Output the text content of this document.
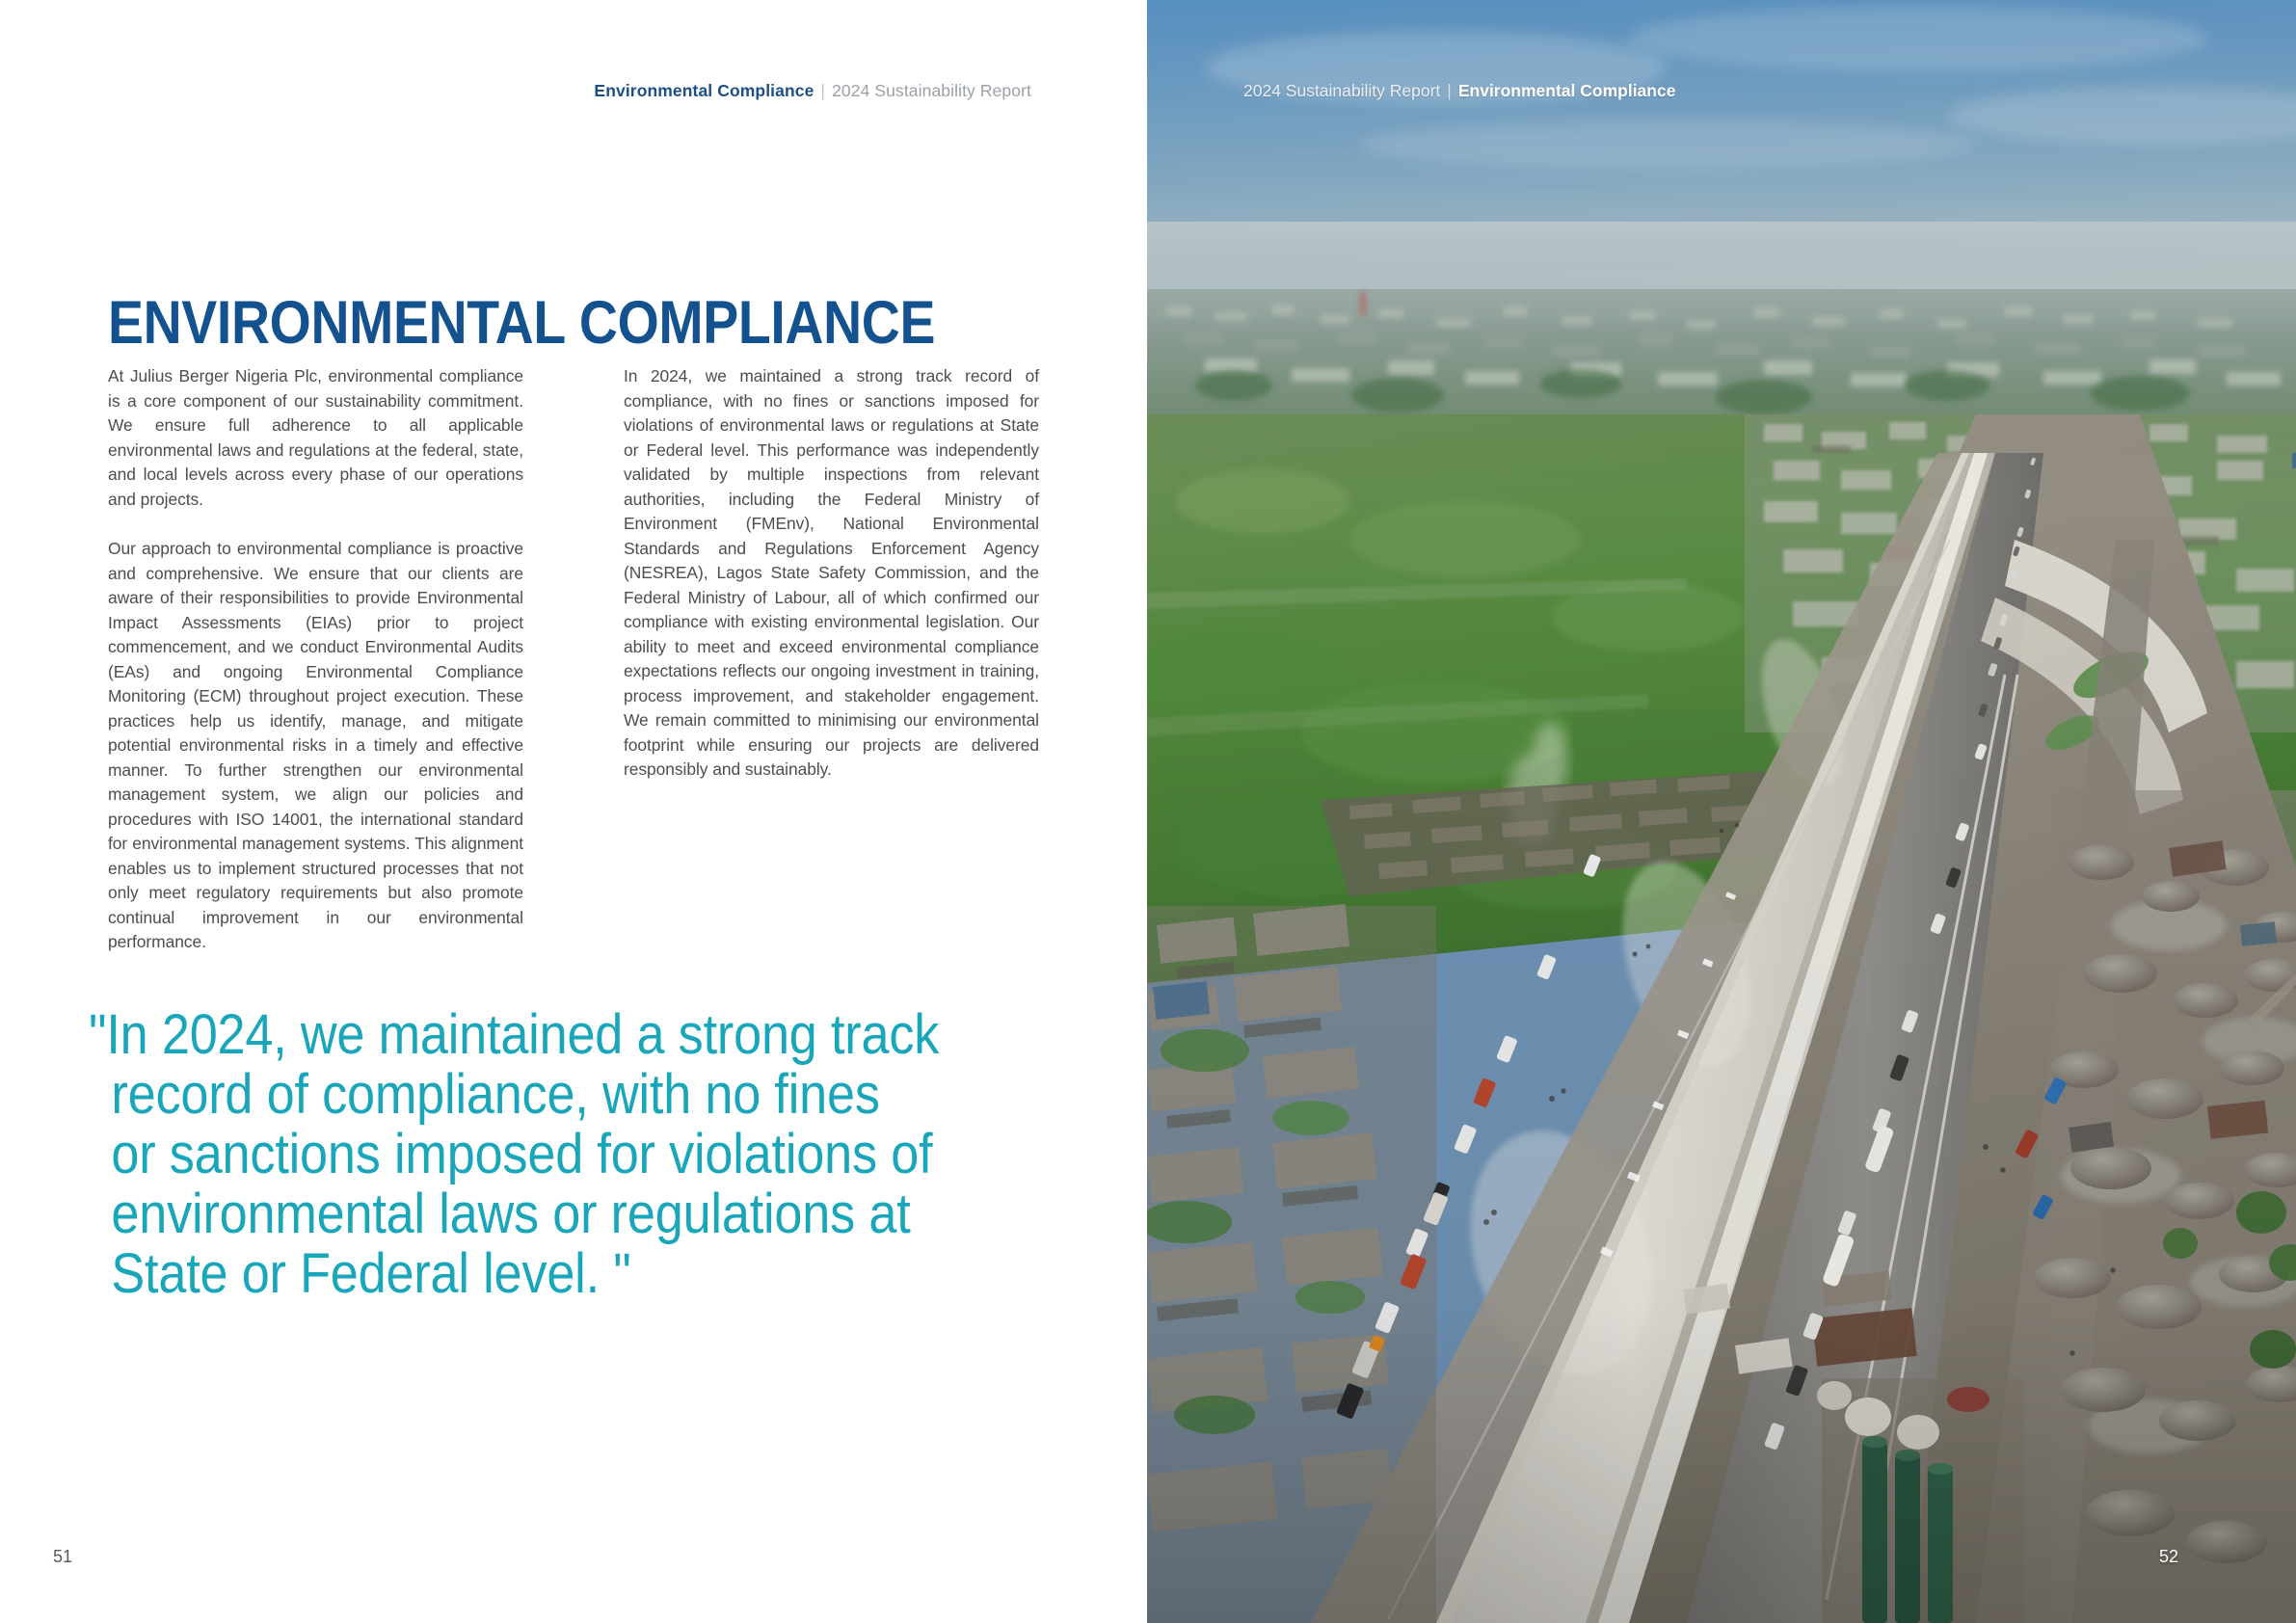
Environmental Compliance | 2024 Sustainability Report
ENVIRONMENTAL COMPLIANCE

At Julius Berger Nigeria Plc, environmental compliance is a core component of our sustainability commitment. We ensure full adherence to all applicable environmental laws and regulations at the federal, state, and local levels across every phase of our operations and projects.

Our approach to environmental compliance is proactive and comprehensive. We ensure that our clients are aware of their responsibilities to provide Environmental Impact Assessments (EIAs) prior to project commencement, and we conduct Environmental Audits (EAs) and ongoing Environmental Compliance Monitoring (ECM) throughout project execution. These practices help us identify, manage, and mitigate potential environmental risks in a timely and effective manner. To further strengthen our environmental management system, we align our policies and procedures with ISO 14001, the international standard for environmental management systems. This alignment enables us to implement structured processes that not only meet regulatory requirements but also promote continual improvement in our environmental performance.

In 2024, we maintained a strong track record of compliance, with no fines or sanctions imposed for violations of environmental laws or regulations at State or Federal level. This performance was independently validated by multiple inspections from relevant authorities, including the Federal Ministry of Environment (FMEnv), National Environmental Standards and Regulations Enforcement Agency (NESREA), Lagos State Safety Commission, and the Federal Ministry of Labour, all of which confirmed our compliance with existing environmental legislation. Our ability to meet and exceed environmental compliance expectations reflects our ongoing investment in training, process improvement, and stakeholder engagement. We remain committed to minimising our environmental footprint while ensuring our projects are delivered responsibly and sustainably.

"In 2024, we maintained a strong track
record of compliance, with no fines
or sanctions imposed for violations of
environmental laws or regulations at
State or Federal level. "
51
2024 Sustainability Report | Environmental Compliance
52
